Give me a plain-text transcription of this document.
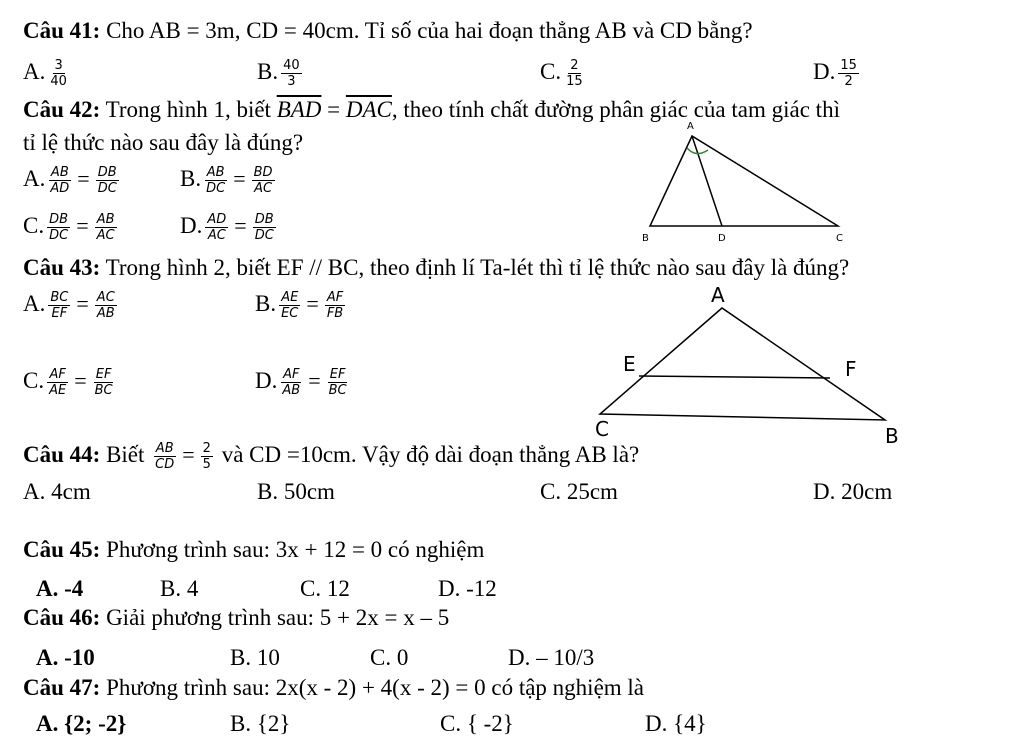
Câu 41: Cho AB = 3m, CD = 40cm. Tỉ số của hai đoạn thẳng AB và CD bằng?
A. $\frac{3}{40}$	B. $\frac{40}{3}$	C. $\frac{2}{15}$	D. $\frac{15}{2}$
Câu 42: Trong hình 1, biết $\overline{BAD} = \overline{DAC}$, theo tính chất đường phân giác của tam giác thì
tỉ lệ thức nào sau đây là đúng?
A. $\frac{AB}{AD} = \frac{DB}{DC}$	B. $\frac{AB}{DC} = \frac{BD}{AC}$
C. $\frac{DB}{DC} = \frac{AB}{AC}$	D. $\frac{AD}{AC} = \frac{DB}{DC}$
A
B	D	C
Câu 43: Trong hình 2, biết EF // BC, theo định lí Ta-lét thì tỉ lệ thức nào sau đây là đúng?
A. $\frac{BC}{EF} = \frac{AC}{AB}$	B. $\frac{AE}{EC} = \frac{AF}{FB}$
C. $\frac{AF}{AE} = \frac{EF}{BC}$	D. $\frac{AF}{AB} = \frac{EF}{BC}$
A
E	F
C	B
Câu 44: Biết $\frac{AB}{CD} = \frac{2}{5}$ và CD =10cm. Vậy độ dài đoạn thẳng AB là?
A. 4cm	B. 50cm	C. 25cm	D. 20cm
Câu 45: Phương trình sau: 3x + 12 = 0 có nghiệm
A. -4	B. 4	C. 12	D. -12
Câu 46: Giải phương trình sau: 5 + 2x = x – 5
A. -10	B. 10	C. 0	D. – 10/3
Câu 47: Phương trình sau: 2x(x - 2) + 4(x - 2) = 0 có tập nghiệm là
A. {2; -2}	B. {2}	C. { -2}	D. {4}
